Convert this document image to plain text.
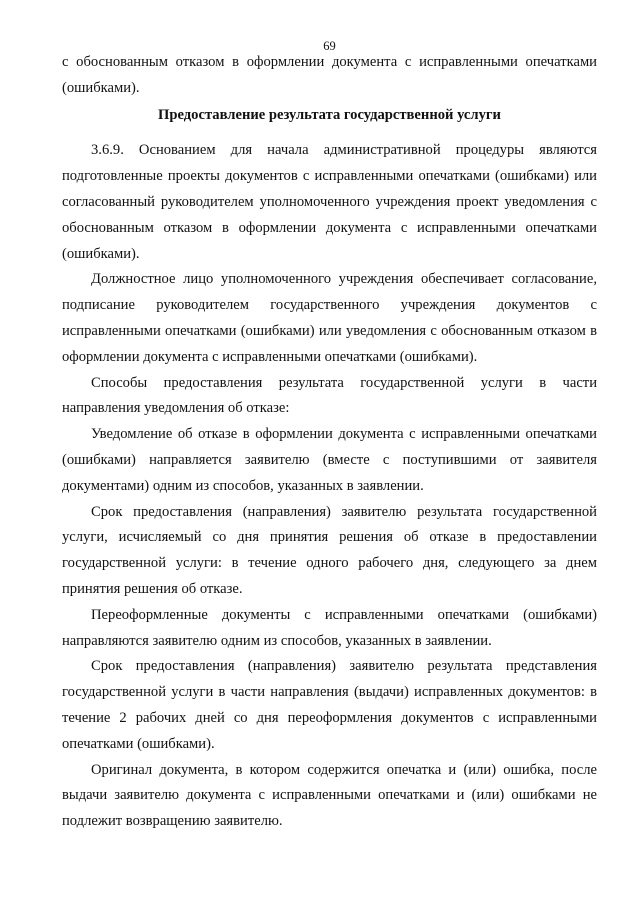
69

с обоснованным отказом в оформлении документа с исправленными опечатками (ошибками).

Предоставление результата государственной услуги

3.6.9. Основанием для начала административной процедуры являются подготовленные проекты документов с исправленными опечатками (ошибками) или согласованный руководителем уполномоченного учреждения проект уведомления с обоснованным отказом в оформлении документа с исправленными опечатками (ошибками).

Должностное лицо уполномоченного учреждения обеспечивает согласование, подписание руководителем государственного учреждения документов с исправленными опечатками (ошибками) или уведомления с обоснованным отказом в оформлении документа с исправленными опечатками (ошибками).

Способы предоставления результата государственной услуги в части направления уведомления об отказе:

Уведомление об отказе в оформлении документа с исправленными опечатками (ошибками) направляется заявителю (вместе с поступившими от заявителя документами) одним из способов, указанных в заявлении.

Срок предоставления (направления) заявителю результата государственной услуги, исчисляемый со дня принятия решения об отказе в предоставлении государственной услуги: в течение одного рабочего дня, следующего за днем принятия решения об отказе.

Переоформленные документы с исправленными опечатками (ошибками) направляются заявителю одним из способов, указанных в заявлении.

Срок предоставления (направления) заявителю результата представления государственной услуги в части направления (выдачи) исправленных документов: в течение 2 рабочих дней со дня переоформления документов с исправленными опечатками (ошибками).

Оригинал документа, в котором содержится опечатка и (или) ошибка, после выдачи заявителю документа с исправленными опечатками и (или) ошибками не подлежит возвращению заявителю.
